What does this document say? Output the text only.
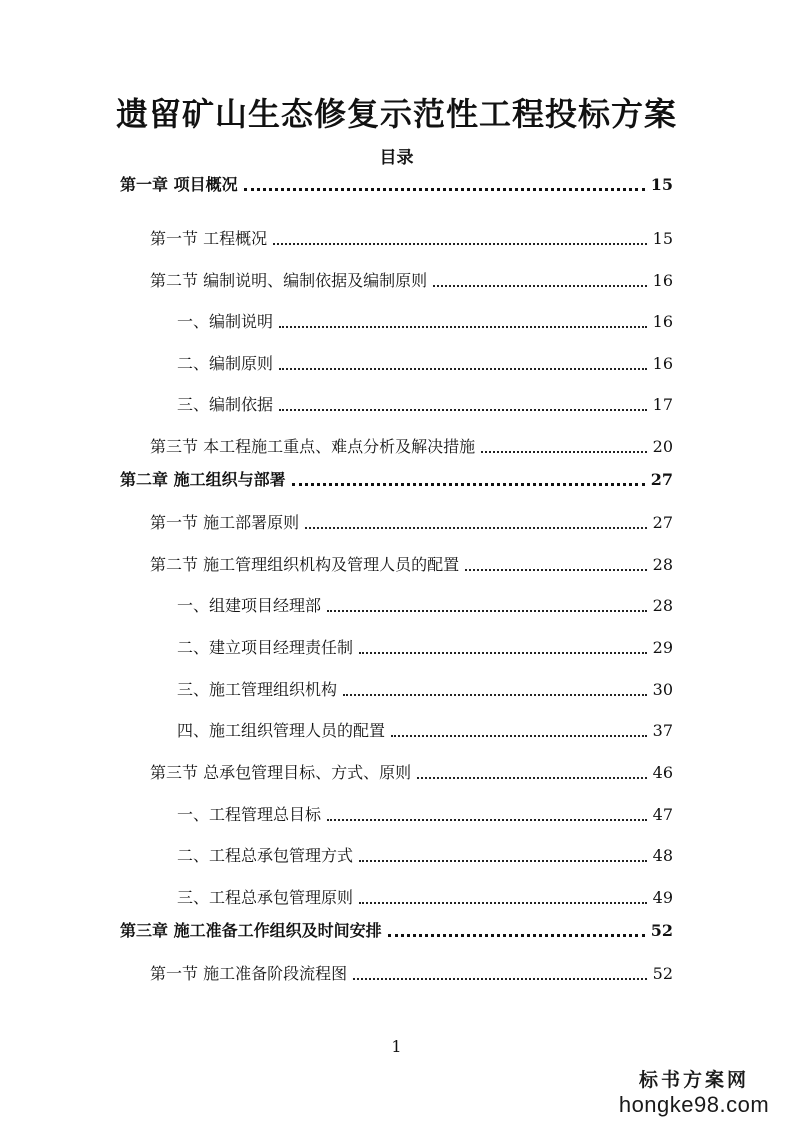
遗留矿山生态修复示范性工程投标方案
目录
第一章 项目概况	15
第一节 工程概况	15
第二节 编制说明、编制依据及编制原则	16
一、编制说明	16
二、编制原则	16
三、编制依据	17
第三节 本工程施工重点、难点分析及解决措施	20
第二章 施工组织与部署	27
第一节 施工部署原则	27
第二节 施工管理组织机构及管理人员的配置	28
一、组建项目经理部	28
二、建立项目经理责任制	29
三、施工管理组织机构	30
四、施工组织管理人员的配置	37
第三节 总承包管理目标、方式、原则	46
一、工程管理总目标	47
二、工程总承包管理方式	48
三、工程总承包管理原则	49
第三章 施工准备工作组织及时间安排	52
第一节 施工准备阶段流程图	52
1
标书方案网
hongke98.com
